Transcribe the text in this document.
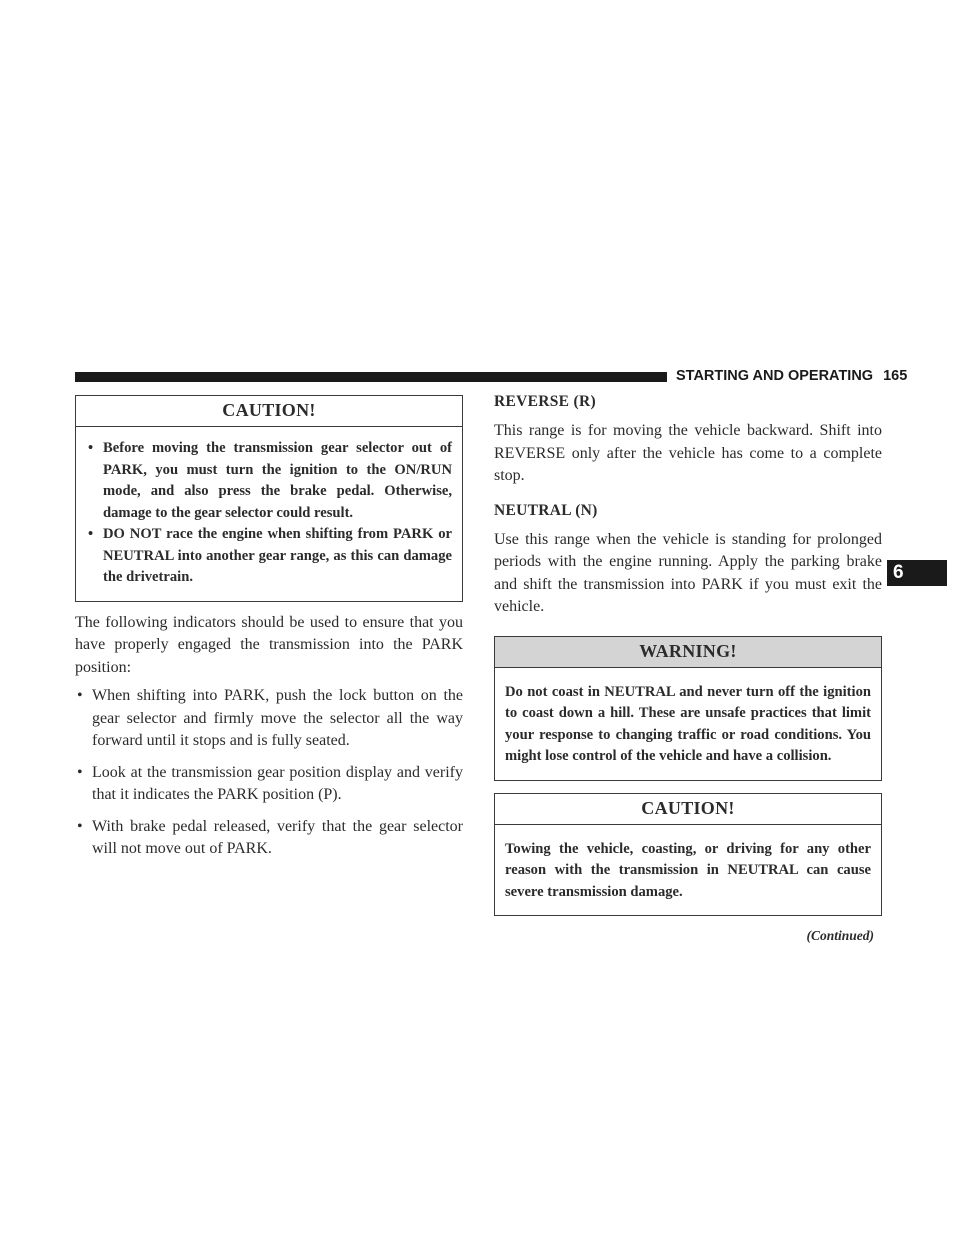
STARTING AND OPERATING 165
6
CAUTION!
• Before moving the transmission gear selector out of PARK, you must turn the ignition to the ON/RUN mode, and also press the brake pedal. Otherwise, damage to the gear selector could result.
• DO NOT race the engine when shifting from PARK or NEUTRAL into another gear range, as this can damage the drivetrain.

The following indicators should be used to ensure that you have properly engaged the transmission into the PARK position:

• When shifting into PARK, push the lock button on the gear selector and firmly move the selector all the way forward until it stops and is fully seated.
• Look at the transmission gear position display and verify that it indicates the PARK position (P).
• With brake pedal released, verify that the gear selector will not move out of PARK.
REVERSE (R)

This range is for moving the vehicle backward. Shift into REVERSE only after the vehicle has come to a complete stop.

NEUTRAL (N)

Use this range when the vehicle is standing for prolonged periods with the engine running. Apply the parking brake and shift the transmission into PARK if you must exit the vehicle.

WARNING!
Do not coast in NEUTRAL and never turn off the ignition to coast down a hill. These are unsafe practices that limit your response to changing traffic or road conditions. You might lose control of the vehicle and have a collision.
CAUTION!
Towing the vehicle, coasting, or driving for any other reason with the transmission in NEUTRAL can cause severe transmission damage.
(Continued)
